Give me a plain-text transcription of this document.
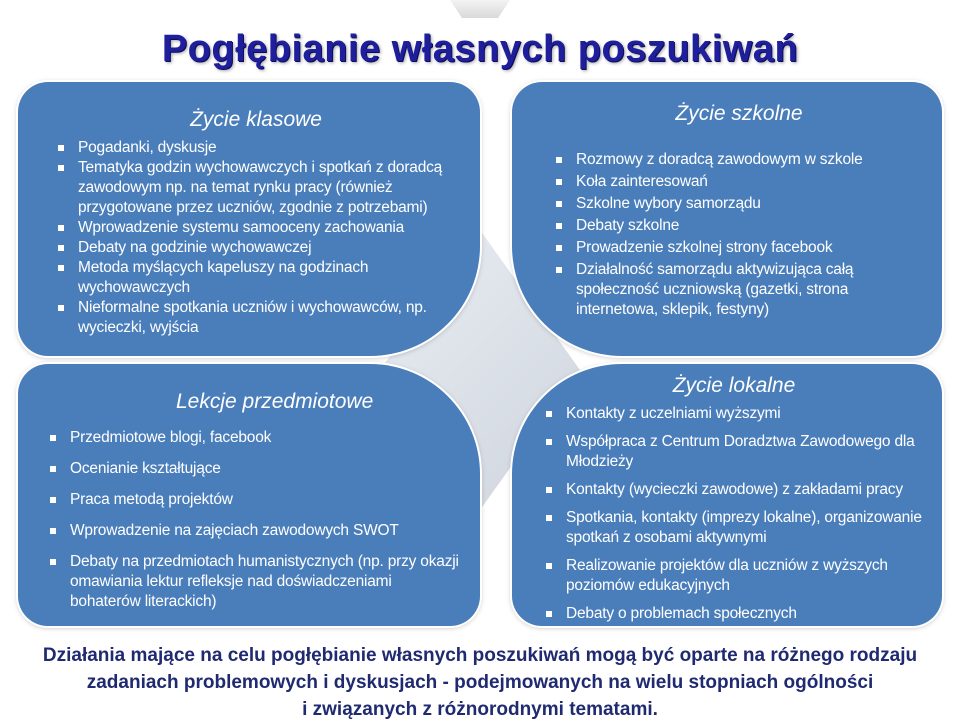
Pogłębianie własnych poszukiwań
Życie klasowe
Pogadanki, dyskusje
Tematyka godzin wychowawczych i spotkań z doradcą zawodowym np. na temat rynku pracy (również przygotowane przez uczniów, zgodnie z potrzebami)
Wprowadzenie systemu samooceny zachowania
Debaty na godzinie wychowawczej
Metoda myślących kapeluszy na godzinach wychowawczych
Nieformalne spotkania uczniów i wychowawców, np. wycieczki, wyjścia
Życie szkolne
Rozmowy z doradcą zawodowym w szkole
Koła zainteresowań
Szkolne wybory samorządu
Debaty szkolne
Prowadzenie szkolnej strony facebook
Działalność samorządu aktywizująca całą społeczność uczniowską (gazetki, strona internetowa, sklepik, festyny)
Lekcje przedmiotowe
Przedmiotowe blogi, facebook
Ocenianie kształtujące
Praca metodą projektów
Wprowadzenie na zajęciach zawodowych SWOT
Debaty na przedmiotach humanistycznych (np. przy okazji omawiania lektur refleksje nad doświadczeniami bohaterów literackich)
Życie lokalne
Kontakty z uczelniami wyższymi
Współpraca z Centrum Doradztwa Zawodowego dla Młodzieży
Kontakty (wycieczki zawodowe) z zakładami pracy
Spotkania, kontakty (imprezy lokalne), organizowanie spotkań z osobami aktywnymi
Realizowanie projektów dla uczniów z wyższych poziomów edukacyjnych
Debaty o problemach społecznych
Działania mające na celu pogłębianie własnych poszukiwań mogą być oparte na różnego rodzaju
zadaniach problemowych i dyskusjach - podejmowanych na wielu stopniach ogólności
i związanych z różnorodnymi tematami.
